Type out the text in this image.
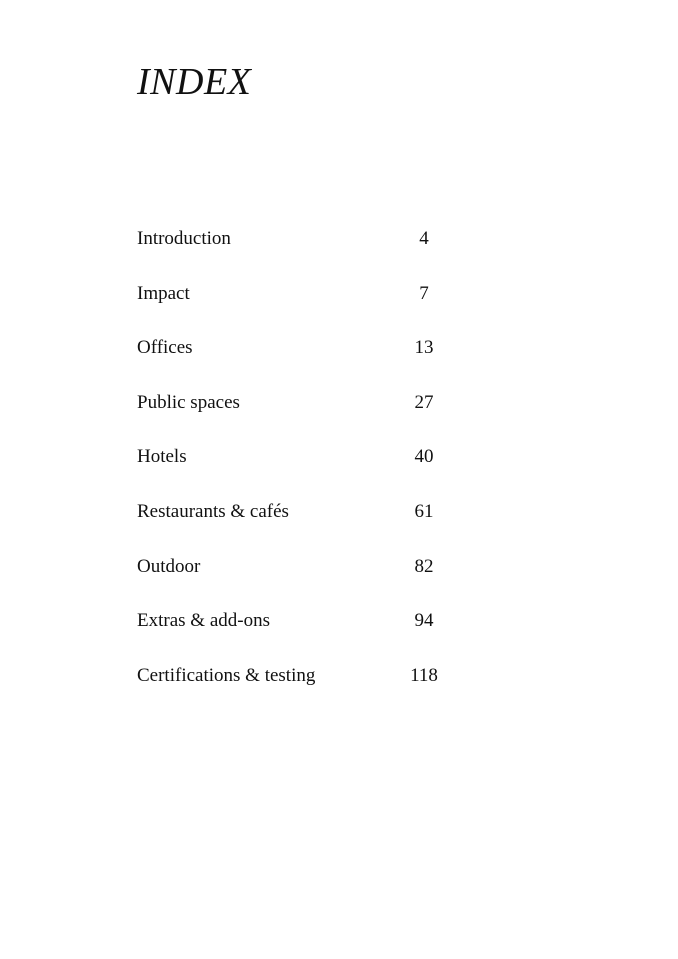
INDEX
Introduction	4
Impact	7
Offices	13
Public spaces	27
Hotels	40
Restaurants & cafés	61
Outdoor	82
Extras & add-ons	94
Certifications & testing	118
